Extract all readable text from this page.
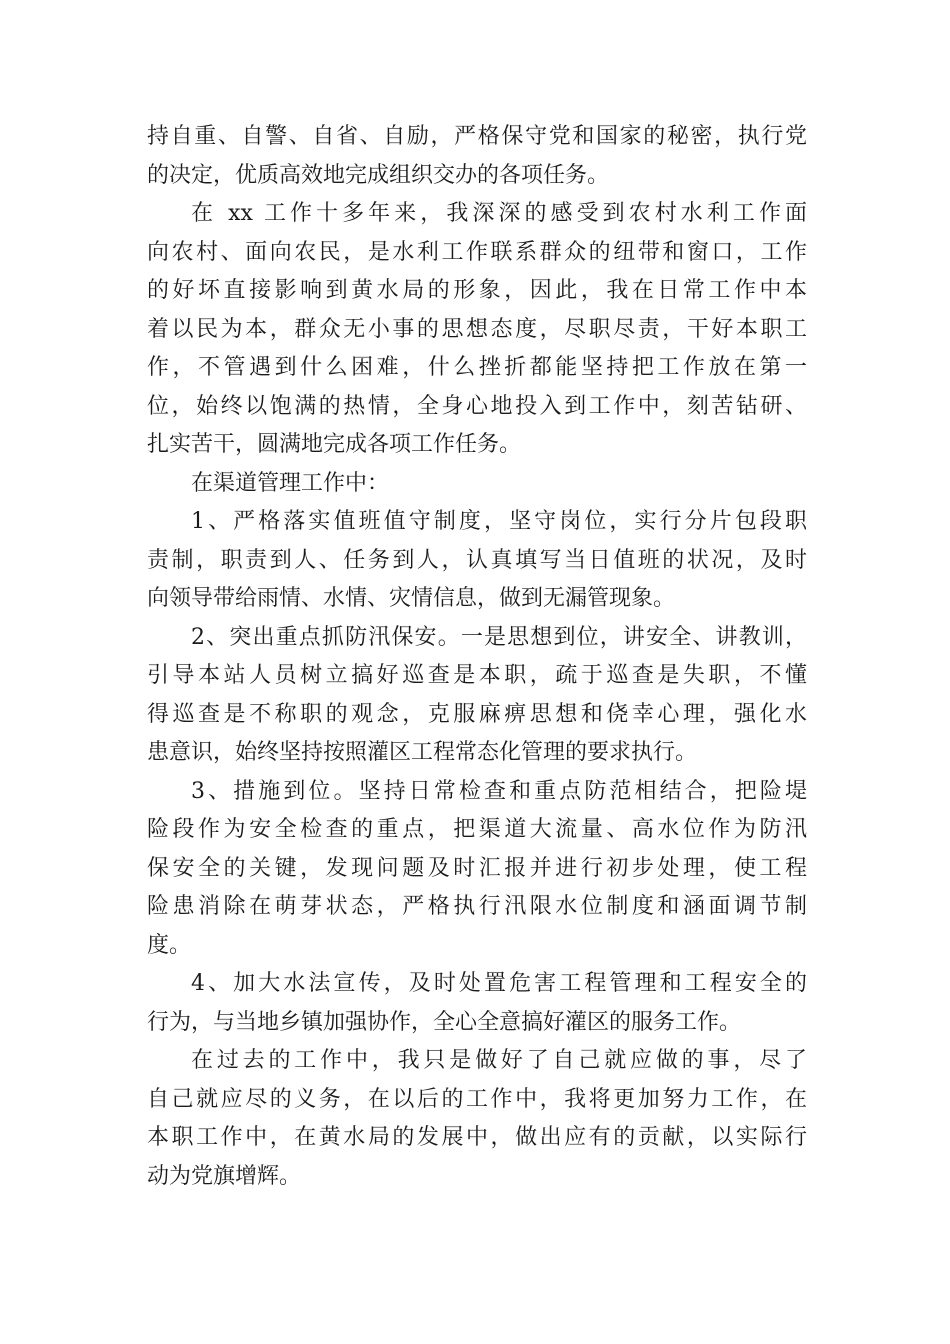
持自重、自警、自省、自励，严格保守党和国家的秘密，执行党
的决定，优质高效地完成组织交办的各项任务。

在 xx 工作十多年来，我深深的感受到农村水利工作面
向农村、面向农民，是水利工作联系群众的纽带和窗口，工作
的好坏直接影响到黄水局的形象，因此，我在日常工作中本
着以民为本，群众无小事的思想态度，尽职尽责，干好本职工
作，不管遇到什么困难，什么挫折都能坚持把工作放在第一
位，始终以饱满的热情，全身心地投入到工作中，刻苦钻研、
扎实苦干，圆满地完成各项工作任务。

在渠道管理工作中：

1、严格落实值班值守制度，坚守岗位，实行分片包段职
责制，职责到人、任务到人，认真填写当日值班的状况，及时
向领导带给雨情、水情、灾情信息，做到无漏管现象。

2、突出重点抓防汛保安。一是思想到位，讲安全、讲教训，
引导本站人员树立搞好巡查是本职，疏于巡查是失职，不懂
得巡查是不称职的观念，克服麻痹思想和侥幸心理，强化水
患意识，始终坚持按照灌区工程常态化管理的要求执行。

3、措施到位。坚持日常检查和重点防范相结合，把险堤
险段作为安全检查的重点，把渠道大流量、高水位作为防汛
保安全的关键，发现问题及时汇报并进行初步处理，使工程
险患消除在萌芽状态，严格执行汛限水位制度和涵面调节制
度。

4、加大水法宣传，及时处置危害工程管理和工程安全的
行为，与当地乡镇加强协作，全心全意搞好灌区的服务工作。

在过去的工作中，我只是做好了自己就应做的事，尽了
自己就应尽的义务，在以后的工作中，我将更加努力工作，在
本职工作中，在黄水局的发展中，做出应有的贡献，以实际行
动为党旗增辉。
